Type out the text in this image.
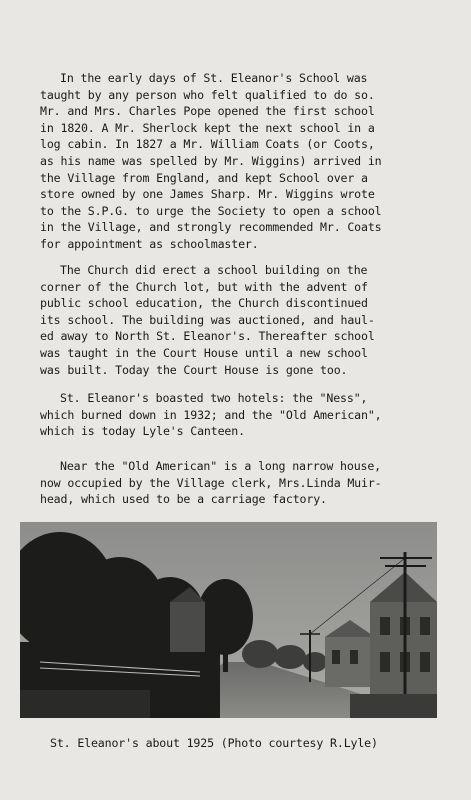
In the early days of St. Eleanor's School was
taught by any person who felt qualified to do so.
Mr. and Mrs. Charles Pope opened the first school
in 1820. A Mr. Sherlock kept the next school in a
log cabin. In 1827 a Mr. William Coats (or Coots,
as his name was spelled by Mr. Wiggins) arrived in
the Village from England, and kept School over a
store owned by one James Sharp. Mr. Wiggins wrote
to the S.P.G. to urge the Society to open a school
in the Village, and strongly recommended Mr. Coats
for appointment as schoolmaster.

The Church did erect a school building on the
corner of the Church lot, but with the advent of
public school education, the Church discontinued
its school. The building was auctioned, and haul-
ed away to North St. Eleanor's. Thereafter school
was taught in the Court House until a new school
was built. Today the Court House is gone too.

St. Eleanor's boasted two hotels: the "Ness",
which burned down in 1932; and the "Old American",
which is today Lyle's Canteen.

Near the "Old American" is a long narrow house,
now occupied by the Village clerk, Mrs.Linda Muir-
head, which used to be a carriage factory.

St. Eleanor's about 1925 (Photo courtesy R.Lyle)
